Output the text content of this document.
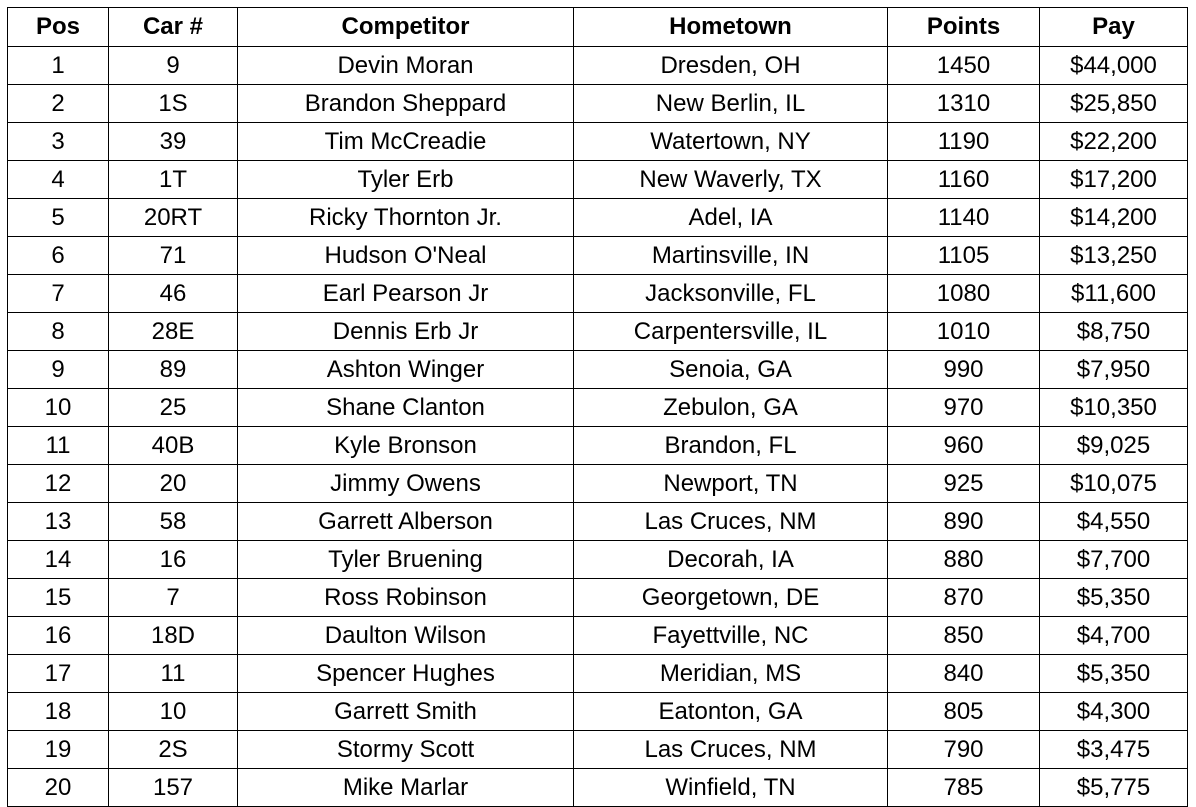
Pos	Car #	Competitor	Hometown	Points	Pay
1	9	Devin Moran	Dresden, OH	1450	$44,000
2	1S	Brandon Sheppard	New Berlin, IL	1310	$25,850
3	39	Tim McCreadie	Watertown, NY	1190	$22,200
4	1T	Tyler Erb	New Waverly, TX	1160	$17,200
5	20RT	Ricky Thornton Jr.	Adel, IA	1140	$14,200
6	71	Hudson O'Neal	Martinsville, IN	1105	$13,250
7	46	Earl Pearson Jr	Jacksonville, FL	1080	$11,600
8	28E	Dennis Erb Jr	Carpentersville, IL	1010	$8,750
9	89	Ashton Winger	Senoia, GA	990	$7,950
10	25	Shane Clanton	Zebulon, GA	970	$10,350
11	40B	Kyle Bronson	Brandon, FL	960	$9,025
12	20	Jimmy Owens	Newport, TN	925	$10,075
13	58	Garrett Alberson	Las Cruces, NM	890	$4,550
14	16	Tyler Bruening	Decorah, IA	880	$7,700
15	7	Ross Robinson	Georgetown, DE	870	$5,350
16	18D	Daulton Wilson	Fayettville, NC	850	$4,700
17	11	Spencer Hughes	Meridian, MS	840	$5,350
18	10	Garrett Smith	Eatonton, GA	805	$4,300
19	2S	Stormy Scott	Las Cruces, NM	790	$3,475
20	157	Mike Marlar	Winfield, TN	785	$5,775
